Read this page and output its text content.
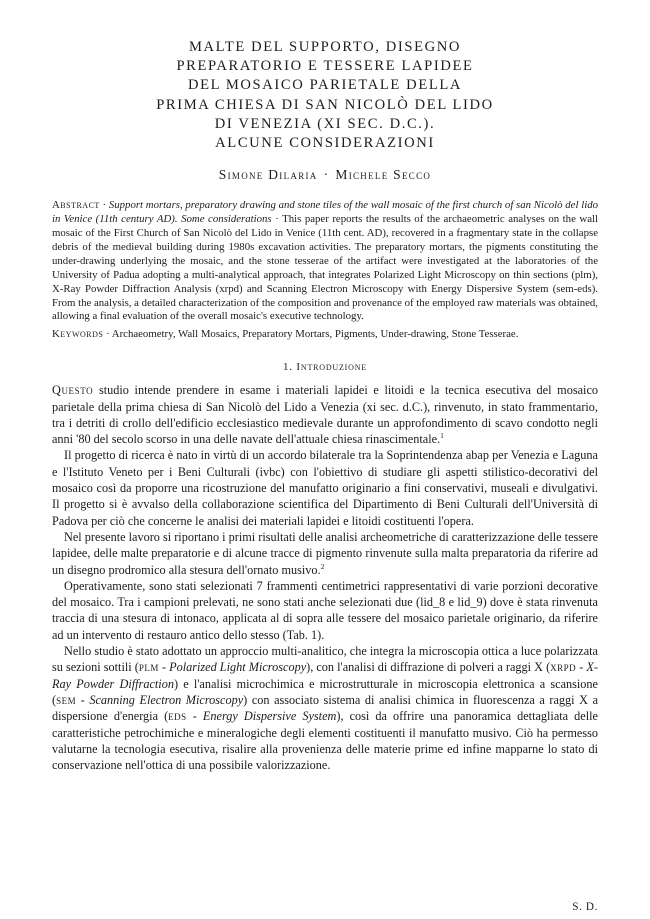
MALTE DEL SUPPORTO, DISEGNO
PREPARATORIO E TESSERE LAPIDEE
DEL MOSAICO PARIETALE DELLA
PRIMA CHIESA DI SAN NICOLÒ DEL LIDO
DI VENEZIA (XI SEC. D.C.).
ALCUNE CONSIDERAZIONI
Simone Dilaria · Michele Secco
Abstract · Support mortars, preparatory drawing and stone tiles of the wall mosaic of the first church of san Nicolò del lido in Venice (11th century AD). Some considerations · This paper reports the results of the archaeometric analyses on the wall mosaic of the First Church of San Nicolò del Lido in Venice (11th cent. AD), recovered in a fragmentary state in the collapse debris of the medieval building during 1980s excavation activities. The preparatory mortars, the pigments constituting the under-drawing underlying the mosaic, and the stone tesserae of the artifact were investigated at the laboratories of the University of Padua adopting a multi-analytical approach, that integrates Polarized Light Microscopy on thin sections (plm), X-Ray Powder Diffraction Analysis (xrpd) and Scanning Electron Microscopy with Energy Dispersive System (sem-eds). From the analysis, a detailed characterization of the composition and provenance of the employed raw materials was obtained, allowing a final evaluation of the overall mosaic's executive technology.
Keywords · Archaeometry, Wall Mosaics, Preparatory Mortars, Pigments, Under-drawing, Stone Tesserae.
1. Introduzione

Questo studio intende prendere in esame i materiali lapidei e litoidi e la tecnica esecutiva del mosaico parietale della prima chiesa di San Nicolò del Lido a Venezia (xi sec. d.C.), rinvenuto, in stato frammentario, tra i detriti di crollo dell'edificio ecclesiastico medievale durante un approfondimento di scavo condotto negli anni '80 del secolo scorso in una delle navate dell'attuale chiesa rinascimentale.$^1$

Il progetto di ricerca è nato in virtù di un accordo bilaterale tra la Soprintendenza abap per Venezia e Laguna e l'Istituto Veneto per i Beni Culturali (ivbc) con l'obiettivo di studiare gli aspetti stilistico-decorativi del mosaico così da proporre una ricostruzione del manufatto originario a fini conservativi, museali e divulgativi. Il progetto si è avvalso della collaborazione scientifica del Dipartimento di Beni Culturali dell'Università di Padova per ciò che concerne le analisi dei materiali lapidei e litoidi costituenti l'opera.

Nel presente lavoro si riportano i primi risultati delle analisi archeometriche di caratterizzazione delle tessere lapidee, delle malte preparatorie e di alcune tracce di pigmento rinvenute sulla malta preparatoria da riferire ad un disegno prodromico alla stesura dell'ornato musivo.$^2$

Operativamente, sono stati selezionati 7 frammenti centimetrici rappresentativi di varie porzioni decorative del mosaico. Tra i campioni prelevati, ne sono stati anche selezionati due (lid_8 e lid_9) dove è stata rinvenuta traccia di una stesura di intonaco, applicata al di sopra alle tessere del mosaico parietale originario, da riferire ad un intervento di restauro antico dello stesso (Tab. 1).

Nello studio è stato adottato un approccio multi-analitico, che integra la microscopia ottica a luce polarizzata su sezioni sottili (plm - Polarized Light Microscopy), con l'analisi di diffrazione di polveri a raggi X (xrpd - X-Ray Powder Diffraction) e l'analisi microchimica e microstrutturale in microscopia elettronica a scansione (sem - Scanning Electron Microscopy) con associato sistema di analisi chimica in fluorescenza a raggi X a dispersione d'energia (eds - Energy Dispersive System), così da offrire una panoramica dettagliata delle caratteristiche petrochimiche e mineralogiche degli elementi costituenti il manufatto musivo. Ciò ha permesso valutarne la tecnologia esecutiva, risalire alla provenienza delle materie prime ed infine mapparne lo stato di conservazione nell'ottica di una possibile valorizzazione.

S. D.
